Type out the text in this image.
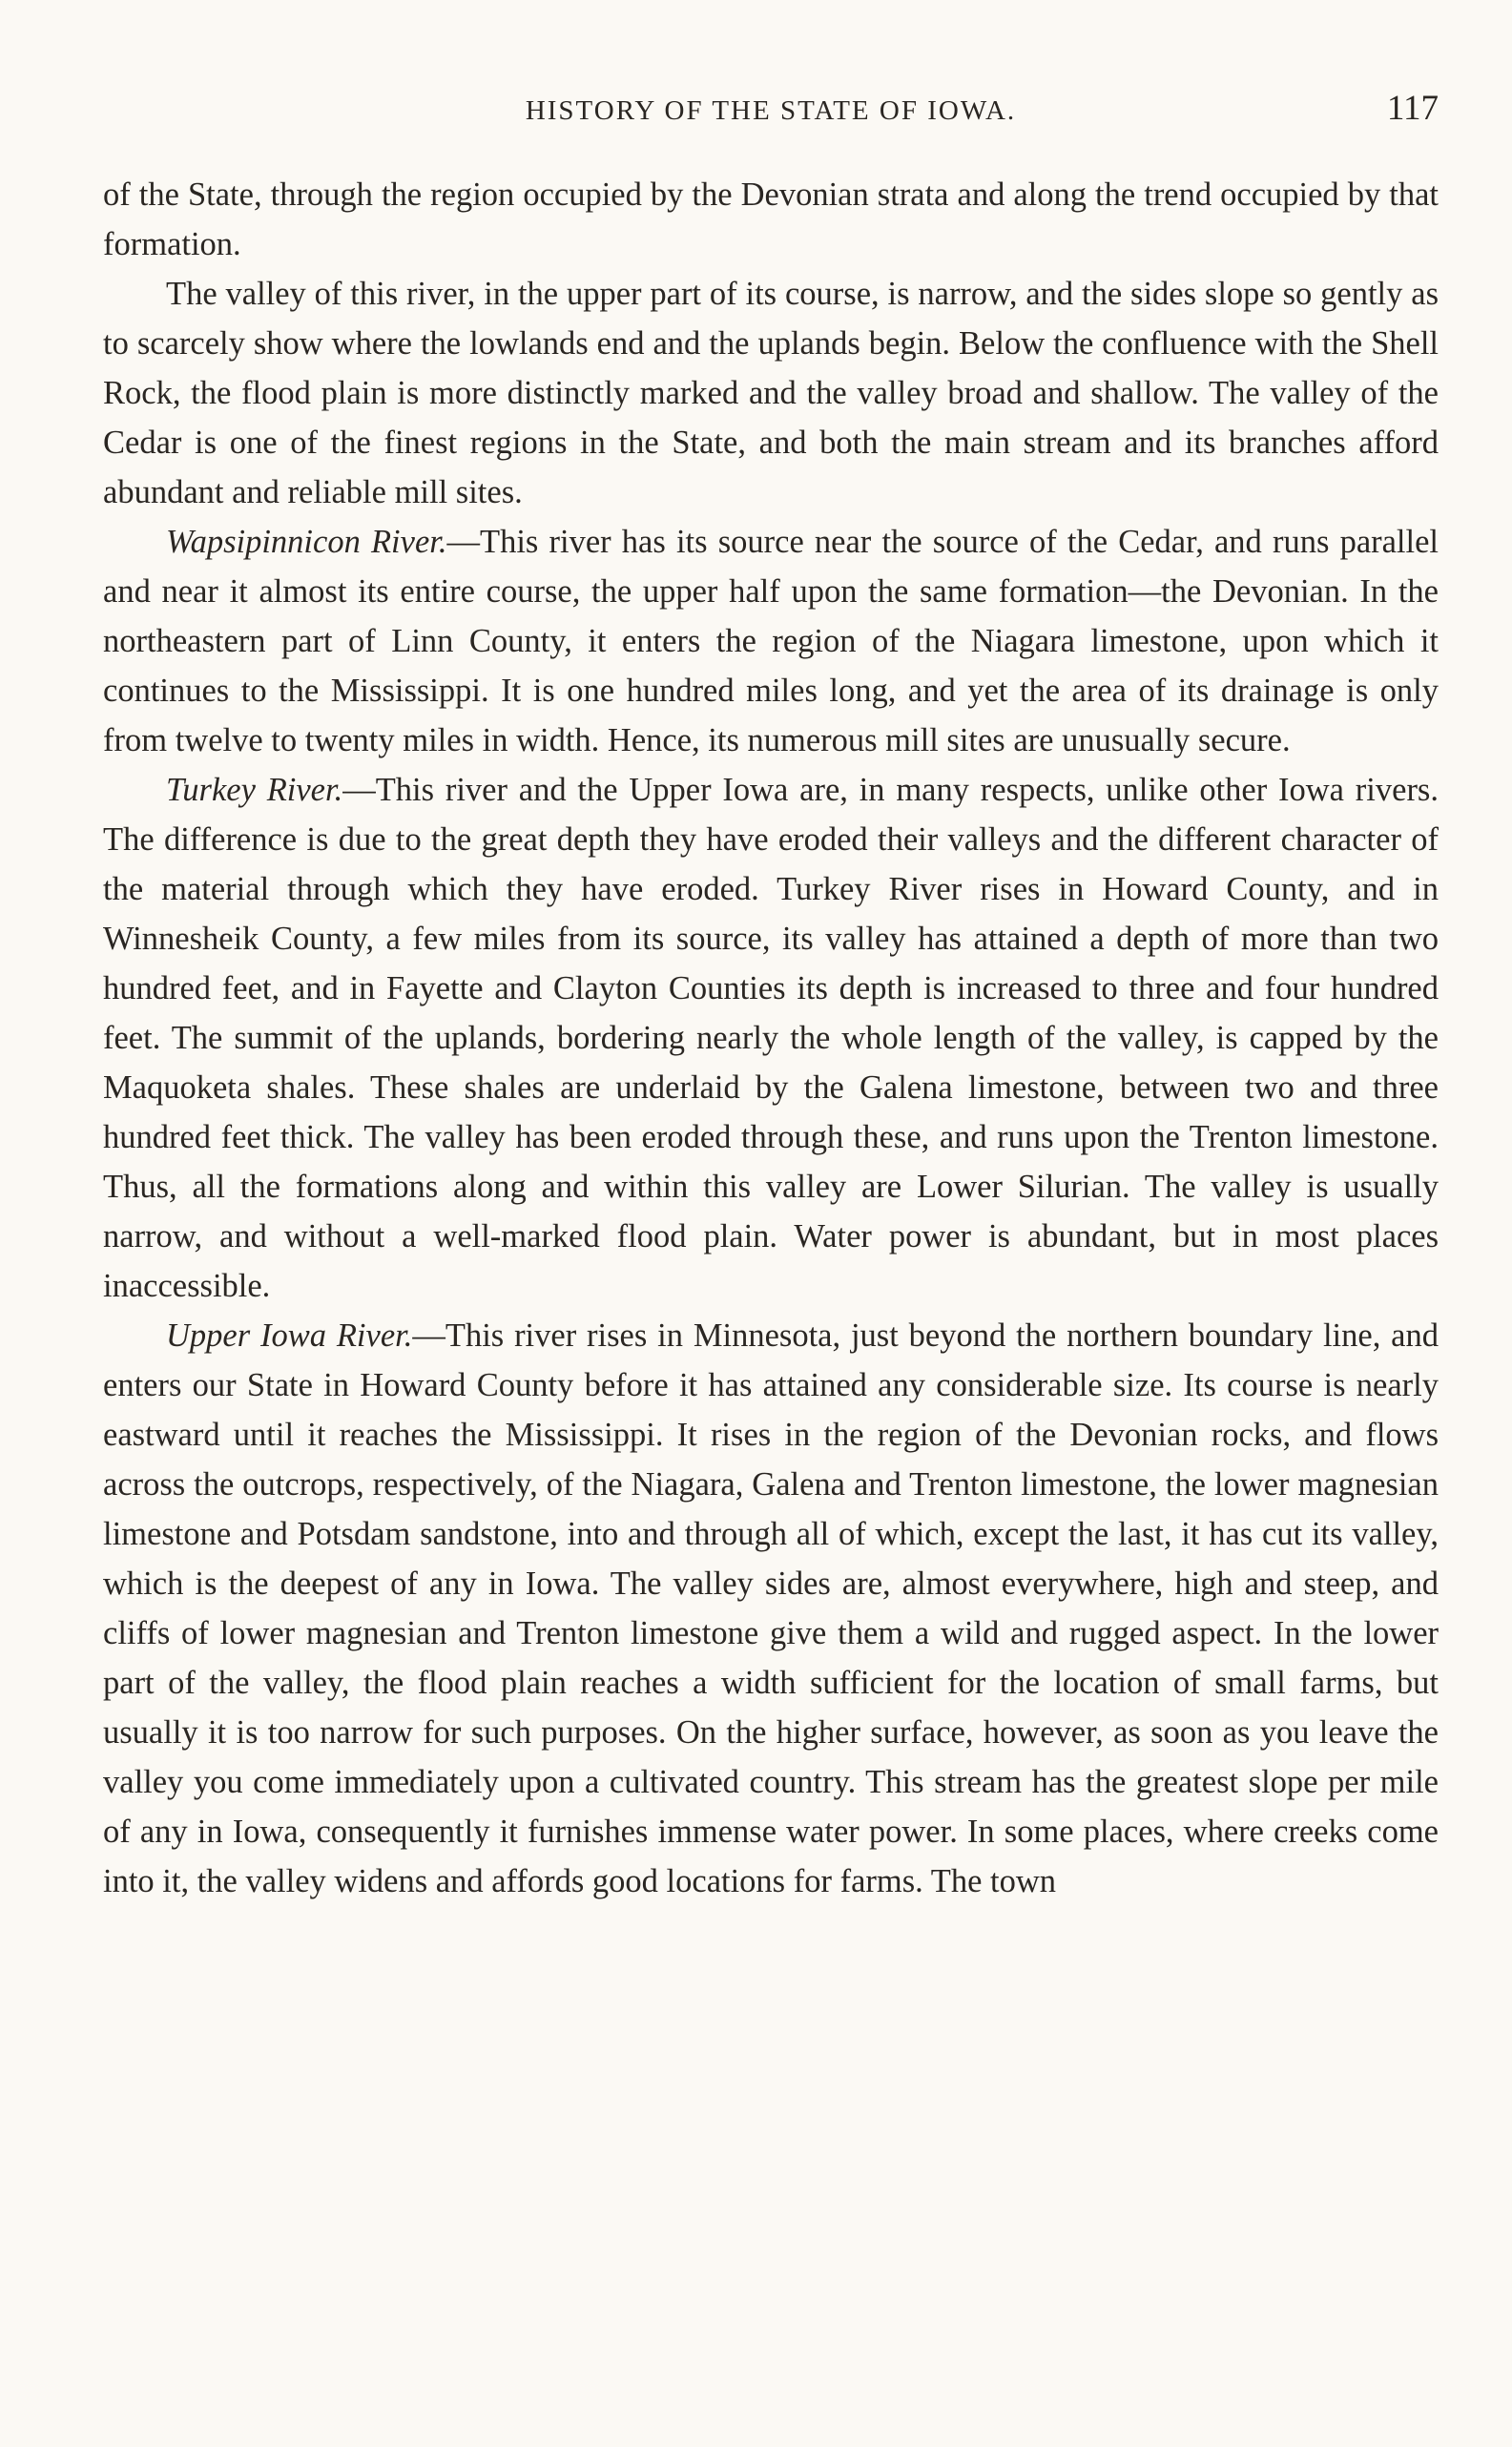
HISTORY OF THE STATE OF IOWA.	117

of the State, through the region occupied by the Devonian strata and along the trend occupied by that formation.

The valley of this river, in the upper part of its course, is narrow, and the sides slope so gently as to scarcely show where the lowlands end and the uplands begin. Below the confluence with the Shell Rock, the flood plain is more distinctly marked and the valley broad and shallow. The valley of the Cedar is one of the finest regions in the State, and both the main stream and its branches afford abundant and reliable mill sites.

Wapsipinnicon River.—This river has its source near the source of the Cedar, and runs parallel and near it almost its entire course, the upper half upon the same formation—the Devonian. In the northeastern part of Linn County, it enters the region of the Niagara limestone, upon which it continues to the Mississippi. It is one hundred miles long, and yet the area of its drainage is only from twelve to twenty miles in width. Hence, its numerous mill sites are unusually secure.

Turkey River.—This river and the Upper Iowa are, in many respects, unlike other Iowa rivers. The difference is due to the great depth they have eroded their valleys and the different character of the material through which they have eroded. Turkey River rises in Howard County, and in Winnesheik County, a few miles from its source, its valley has attained a depth of more than two hundred feet, and in Fayette and Clayton Counties its depth is increased to three and four hundred feet. The summit of the uplands, bordering nearly the whole length of the valley, is capped by the Maquoketa shales. These shales are underlaid by the Galena limestone, between two and three hundred feet thick. The valley has been eroded through these, and runs upon the Trenton limestone. Thus, all the formations along and within this valley are Lower Silurian. The valley is usually narrow, and without a well-marked flood plain. Water power is abundant, but in most places inaccessible.

Upper Iowa River.—This river rises in Minnesota, just beyond the northern boundary line, and enters our State in Howard County before it has attained any considerable size. Its course is nearly eastward until it reaches the Mississippi. It rises in the region of the Devonian rocks, and flows across the outcrops, respectively, of the Niagara, Galena and Trenton limestone, the lower magnesian limestone and Potsdam sandstone, into and through all of which, except the last, it has cut its valley, which is the deepest of any in Iowa. The valley sides are, almost everywhere, high and steep, and cliffs of lower magnesian and Trenton limestone give them a wild and rugged aspect. In the lower part of the valley, the flood plain reaches a width sufficient for the location of small farms, but usually it is too narrow for such purposes. On the higher surface, however, as soon as you leave the valley you come immediately upon a cultivated country. This stream has the greatest slope per mile of any in Iowa, consequently it furnishes immense water power. In some places, where creeks come into it, the valley widens and affords good locations for farms. The town
